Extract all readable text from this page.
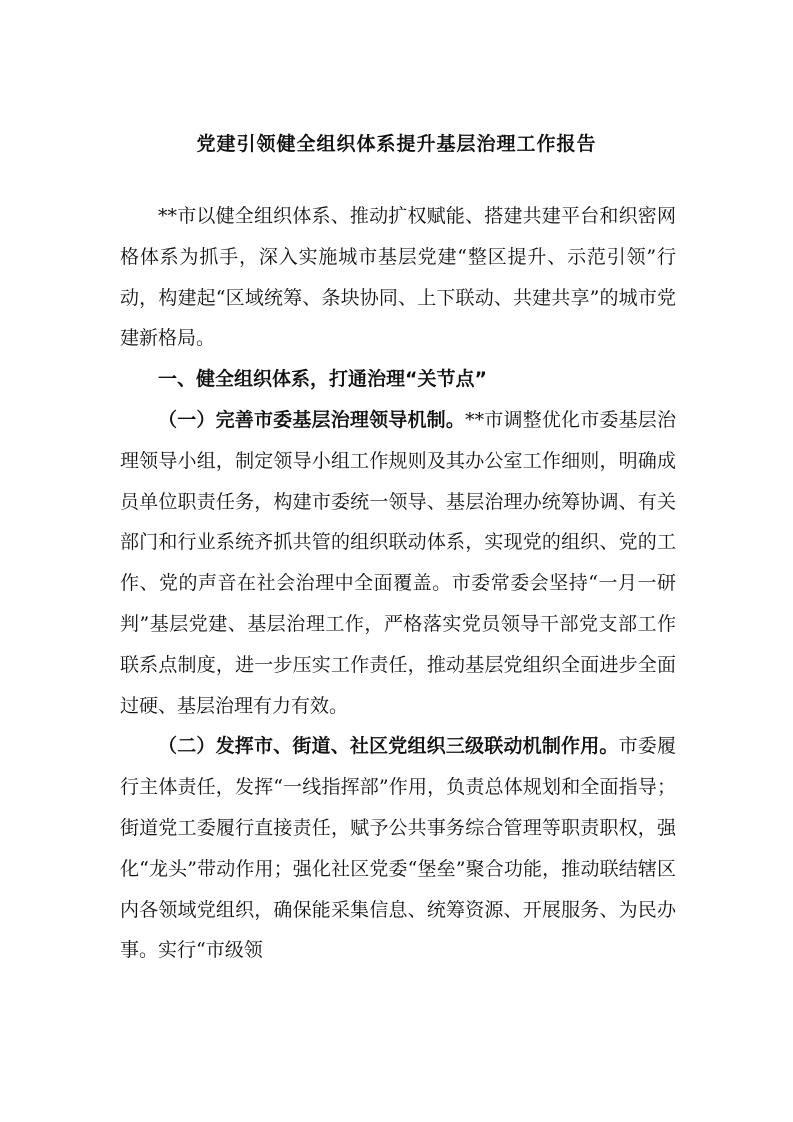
党建引领健全组织体系提升基层治理工作报告

**市以健全组织体系、推动扩权赋能、搭建共建平台和织密网格体系为抓手，深入实施城市基层党建“整区提升、示范引领”行动，构建起“区域统筹、条块协同、上下联动、共建共享”的城市党建新格局。

一、健全组织体系，打通治理“关节点”

（一）完善市委基层治理领导机制。**市调整优化市委基层治理领导小组，制定领导小组工作规则及其办公室工作细则，明确成员单位职责任务，构建市委统一领导、基层治理办统筹协调、有关部门和行业系统齐抓共管的组织联动体系，实现党的组织、党的工作、党的声音在社会治理中全面覆盖。市委常委会坚持“一月一研判”基层党建、基层治理工作，严格落实党员领导干部党支部工作联系点制度，进一步压实工作责任，推动基层党组织全面进步全面过硬、基层治理有力有效。

（二）发挥市、街道、社区党组织三级联动机制作用。市委履行主体责任，发挥“一线指挥部”作用，负责总体规划和全面指导；街道党工委履行直接责任，赋予公共事务综合管理等职责职权，强化“龙头”带动作用；强化社区党委“堡垒”聚合功能，推动联结辖区内各领域党组织，确保能采集信息、统筹资源、开展服务、为民办事。实行“市级领
